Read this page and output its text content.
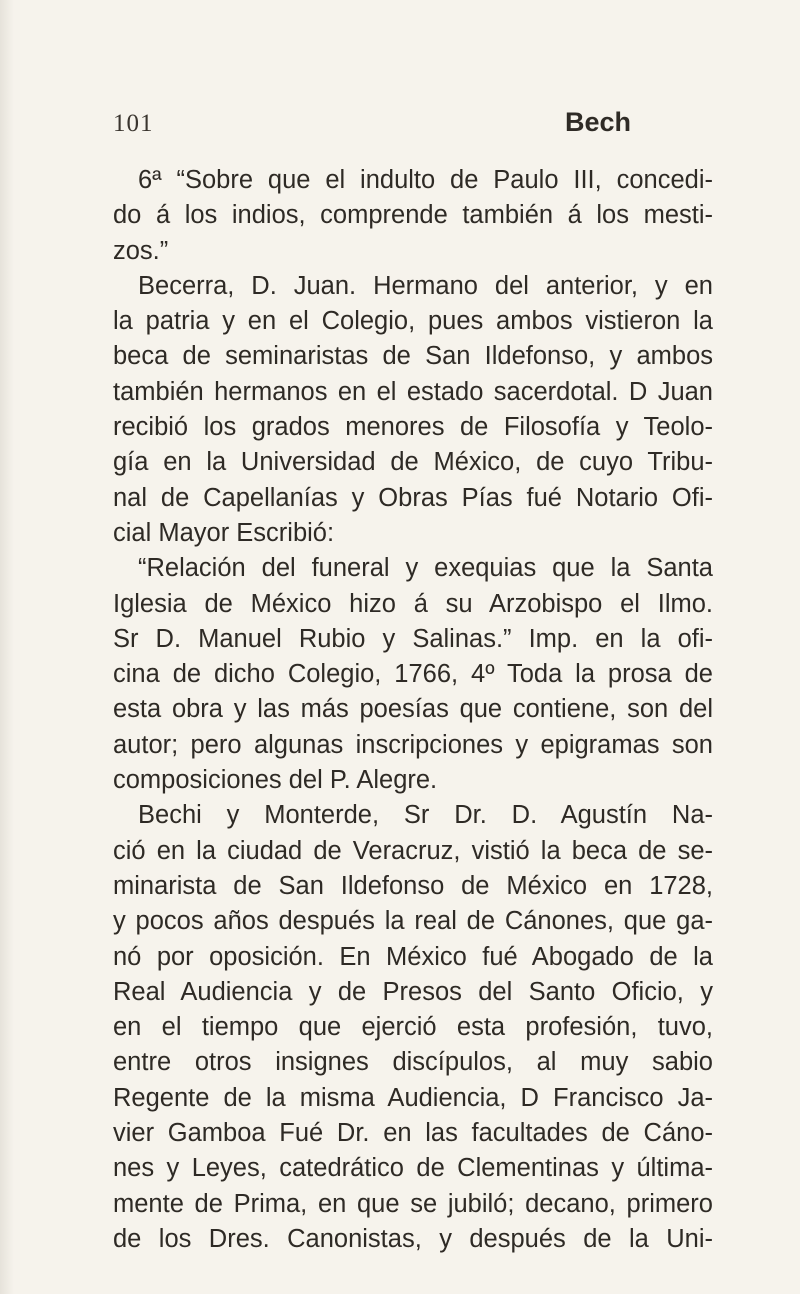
101	Bech
6ª “Sobre que el indulto de Paulo III, concedi-
do á los indios, comprende también á los mesti-
zos.”
Becerra, D. Juan. Hermano del anterior, y en
la patria y en el Colegio, pues ambos vistieron la
beca de seminaristas de San Ildefonso, y ambos
también hermanos en el estado sacerdotal. D Juan
recibió los grados menores de Filosofía y Teolo-
gía en la Universidad de México, de cuyo Tribu-
nal de Capellanías y Obras Pías fué Notario Ofi-
cial Mayor Escribió:
“Relación del funeral y exequias que la Santa
Iglesia de México hizo á su Arzobispo el Ilmo.
Sr D. Manuel Rubio y Salinas.” Imp. en la ofi-
cina de dicho Colegio, 1766, 4º Toda la prosa de
esta obra y las más poesías que contiene, son del
autor; pero algunas inscripciones y epigramas son
composiciones del P. Alegre.
Bechi y Monterde, Sr Dr. D. Agustín Na-
ció en la ciudad de Veracruz, vistió la beca de se-
minarista de San Ildefonso de México en 1728,
y pocos años después la real de Cánones, que ga-
nó por oposición. En México fué Abogado de la
Real Audiencia y de Presos del Santo Oficio, y
en el tiempo que ejerció esta profesión, tuvo,
entre otros insignes discípulos, al muy sabio
Regente de la misma Audiencia, D Francisco Ja-
vier Gamboa Fué Dr. en las facultades de Cáno-
nes y Leyes, catedrático de Clementinas y última-
mente de Prima, en que se jubiló; decano, primero
de los Dres. Canonistas, y después de la Uni-
